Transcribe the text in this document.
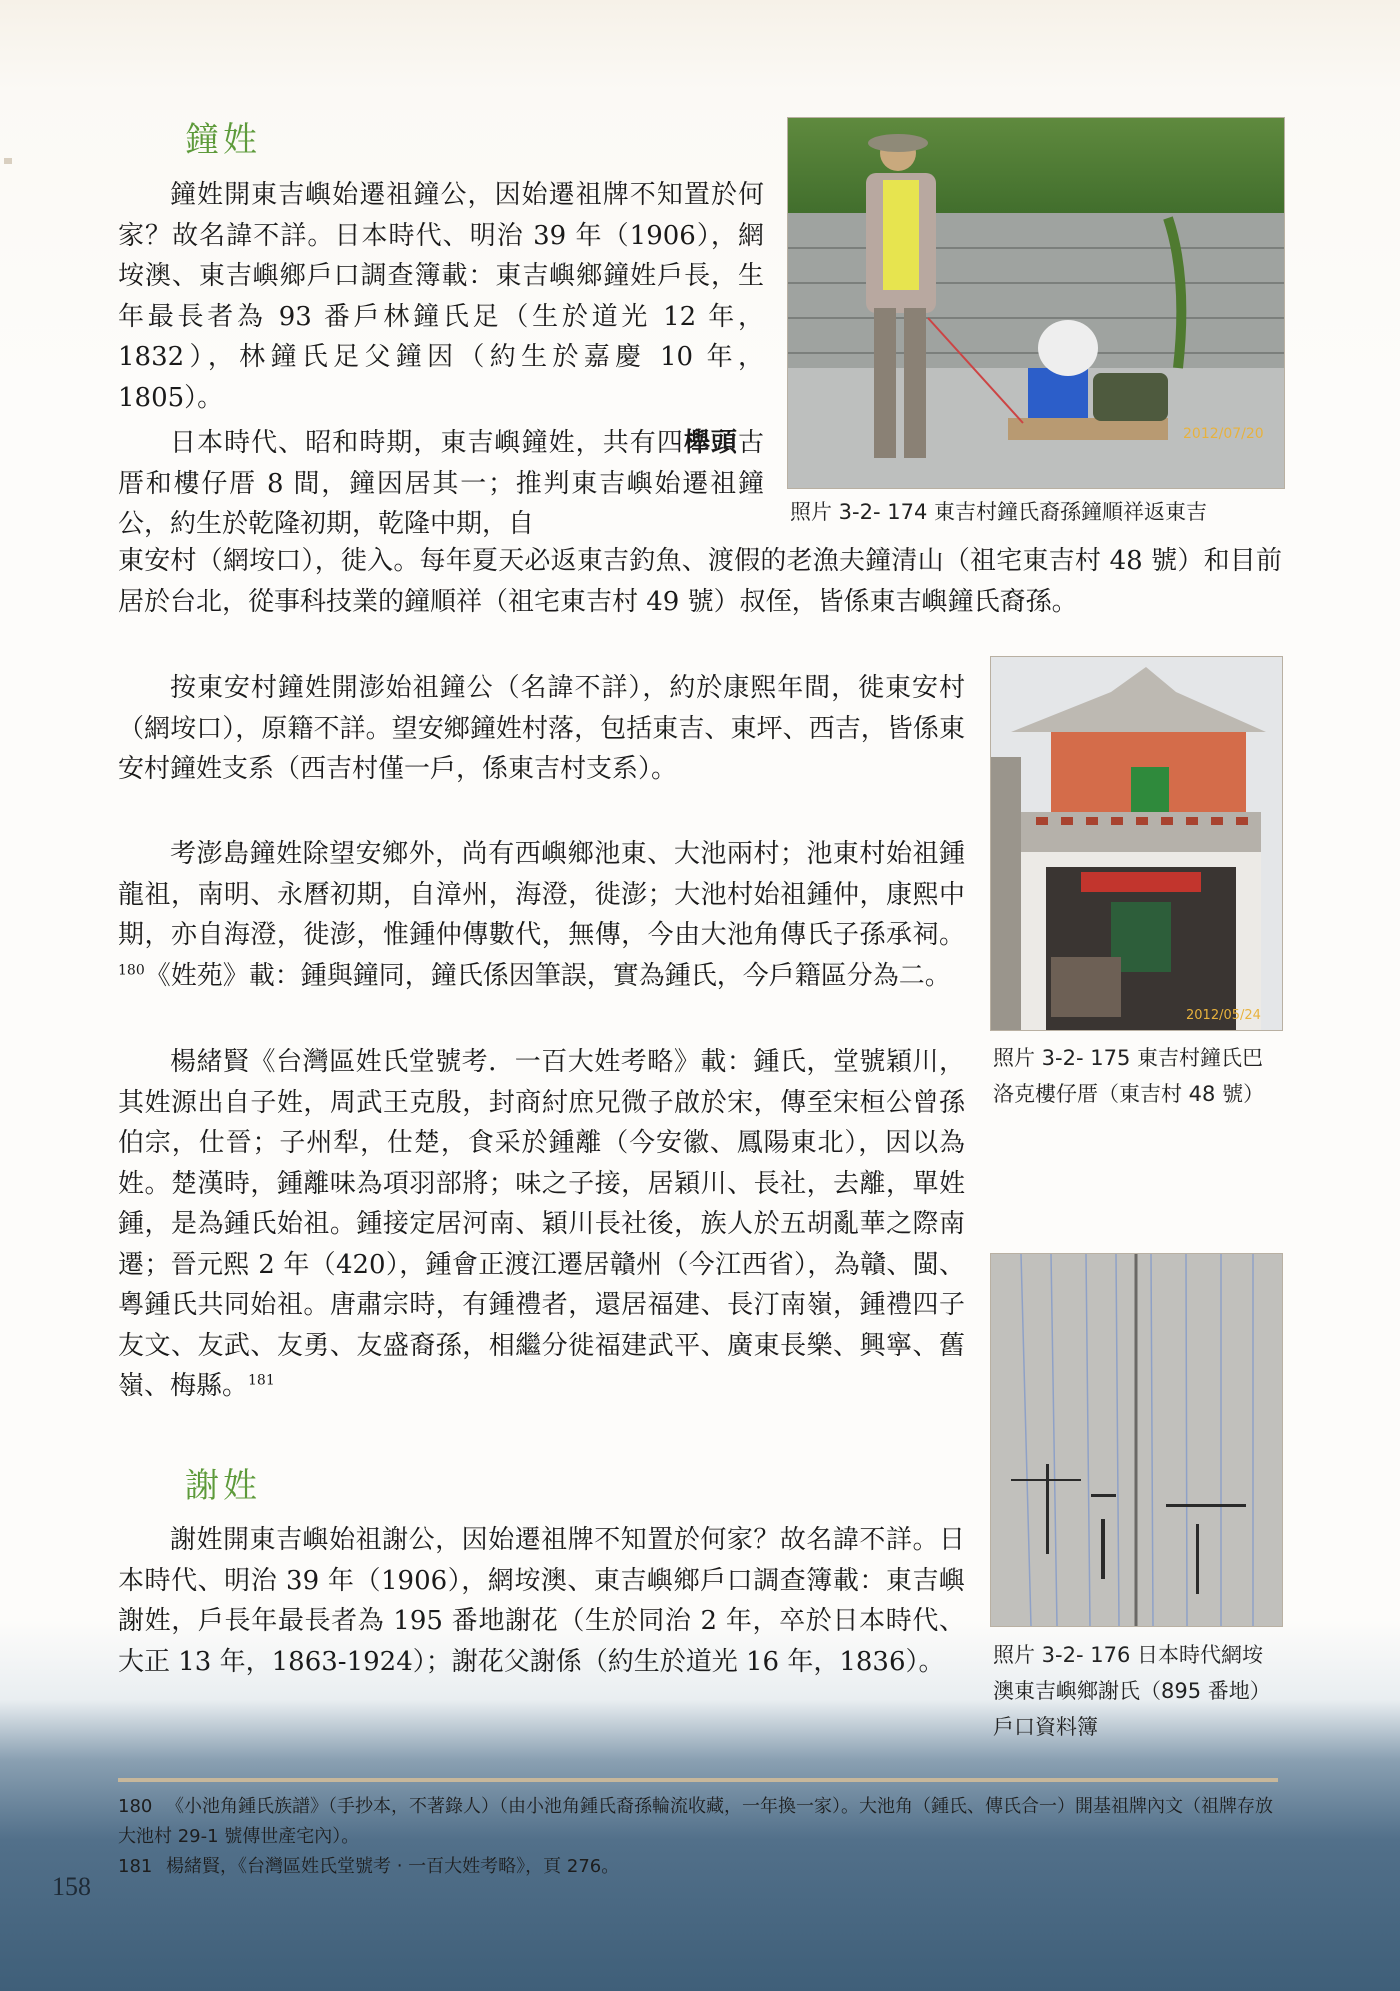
鐘姓

鐘姓開東吉嶼始遷祖鐘公，因始遷祖牌不知置於何家？故名諱不詳。日本時代、明治 39 年（1906），網垵澳、東吉嶼鄉戶口調查簿載：東吉嶼鄉鐘姓戶長，生年最長者為 93 番戶林鐘氏足（生於道光 12 年，1832），林鐘氏足父鐘因（約生於嘉慶 10 年，1805）。

日本時代、昭和時期，東吉嶼鐘姓，共有四櫸頭古厝和樓仔厝 8 間，鐘因居其一；推判東吉嶼始遷祖鐘公，約生於乾隆初期，乾隆中期，自

東安村（網垵口），徙入。每年夏天必返東吉釣魚、渡假的老漁夫鐘清山（祖宅東吉村 48 號）和目前居於台北，從事科技業的鐘順祥（祖宅東吉村 49 號）叔侄，皆係東吉嶼鐘氏裔孫。

2012/07/20
照片 3-2- 174 東吉村鐘氏裔孫鐘順祥返東吉

按東安村鐘姓開澎始祖鐘公（名諱不詳），約於康熙年間，徙東安村（網垵口），原籍不詳。望安鄉鐘姓村落，包括東吉、東坪、西吉，皆係東安村鐘姓支系（西吉村僅一戶，係東吉村支系）。

考澎島鐘姓除望安鄉外，尚有西嶼鄉池東、大池兩村；池東村始祖鍾龍祖，南明、永曆初期，自漳州，海澄，徙澎；大池村始祖鍾仲，康熙中期，亦自海澄，徙澎，惟鍾仲傳數代，無傳，今由大池角傳氏子孫承祠。$^{180}$《姓苑》載：鍾與鐘同，鐘氏係因筆誤，實為鍾氏，今戶籍區分為二。

楊緒賢《台灣區姓氏堂號考．一百大姓考略》載：鍾氏，堂號穎川，其姓源出自子姓，周武王克殷，封商紂庶兄微子啟於宋，傳至宋桓公曾孫伯宗，仕晉；子州犁，仕楚，食采於鍾離（今安徽、鳳陽東北），因以為姓。楚漢時，鍾離味為項羽部將；味之子接，居穎川、長社，去離，單姓鍾，是為鍾氏始祖。鍾接定居河南、穎川長社後，族人於五胡亂華之際南遷；晉元熙 2 年（420），鍾會正渡江遷居贛州（今江西省），為贛、閩、粵鍾氏共同始祖。唐肅宗時，有鍾禮者，還居福建、長汀南嶺，鍾禮四子友文、友武、友勇、友盛裔孫，相繼分徙福建武平、廣東長樂、興寧、舊嶺、梅縣。$^{181}$

2012/05/24
照片 3-2- 175 東吉村鐘氏巴洛克樓仔厝（東吉村 48 號）
謝姓

謝姓開東吉嶼始祖謝公，因始遷祖牌不知置於何家？故名諱不詳。日本時代、明治 39 年（1906），網垵澳、東吉嶼鄉戶口調查簿載：東吉嶼謝姓，戶長年最長者為 195 番地謝花（生於同治 2 年，卒於日本時代、大正 13 年，1863-1924）；謝花父謝係（約生於道光 16 年，1836）。	照片 3-2- 176 日本時代網垵澳東吉嶼鄉謝氏（895 番地）戶口資料簿
180 《小池角鍾氏族譜》（手抄本，不著錄人）（由小池角鍾氏裔孫輪流收藏，一年換一家）。大池角（鍾氏、傳氏合一）開基祖牌內文（祖牌存放大池村 29-1 號傳世產宅內）。
181 楊緒賢，《台灣區姓氏堂號考 ‧ 一百大姓考略》，頁 276。
158
